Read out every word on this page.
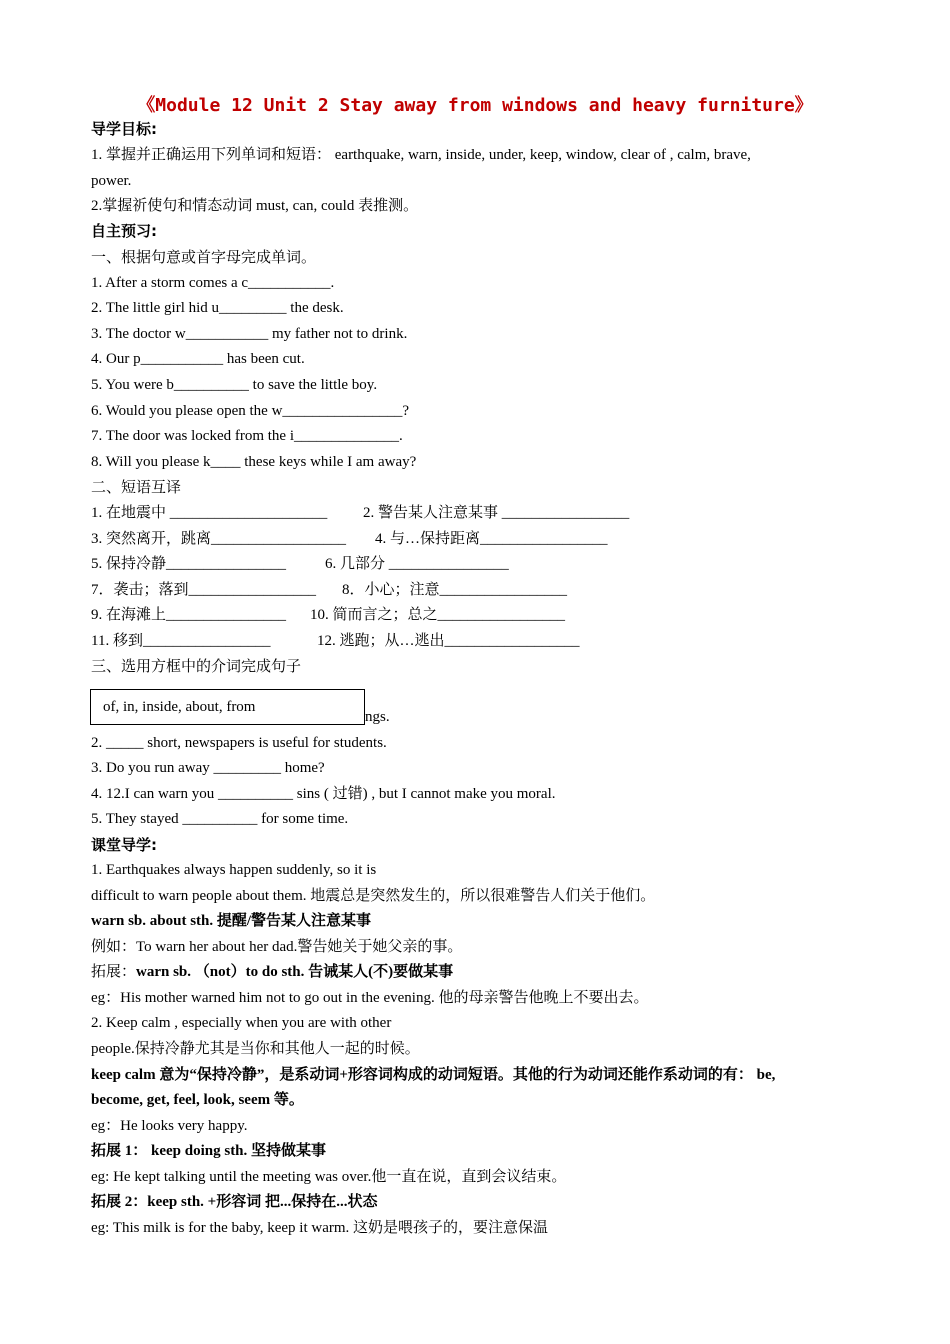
《Module 12 Unit 2 Stay away from windows and heavy furniture》
导学目标:
1. 掌握并正确运用下列单词和短语： earthquake, warn, inside, under, keep, window, clear of , calm, brave,
power.
2.掌握祈使句和情态动词 must, can, could 表推测。
自主预习:
一、根据句意或首字母完成单词。
1. After a storm comes a c___________.
2. The little girl hid u_________ the desk.
3. The doctor w___________ my father not to drink.
4. Our p___________ has been cut.
5. You were b__________ to save the little boy.
6. Would you please open the w________________?
7. The door was locked from the i______________.
8. Will you please k____ these keys while I am away?
二、短语互译
1. 在地震中 _____________________ 2. 警告某人注意某事 _________________
3. 突然离开，跳离__________________ 4. 与…保持距离_________________
5. 保持冷静________________	6. 几部分 ________________
7．袭击；落到_________________ 8．小心；注意_________________
9. 在海滩上________________ 10. 简而言之；总之_________________
11. 移到_________________	12. 逃跑；从…逃出__________________
三、选用方框中的介词完成句子
ngs.
of, in, inside, about, from
2. _____ short, newspapers is useful for students.
3. Do you run away _________ home?
4. 12.I can warn you __________ sins ( 过错) , but I cannot make you moral.
5. They stayed __________ for some time.
课堂导学:
1. Earthquakes always happen suddenly, so it is
difficult to warn people about them. 地震总是突然发生的，所以很难警告人们关于他们。
warn sb. about sth. 提醒/警告某人注意某事
例如：To warn her about her dad.警告她关于她父亲的事。
拓展：warn sb. （not）to do sth. 告诫某人(不)要做某事
eg：His mother warned him not to go out in the evening. 他的母亲警告他晚上不要出去。
2. Keep calm , especially when you are with other
people.保持冷静尤其是当你和其他人一起的时候。
keep calm 意为“保持冷静”，是系动词+形容词构成的动词短语。其他的行为动词还能作系动词的有： be,
become, get, feel, look, seem 等。
eg：He looks very happy.
拓展 1： keep doing sth. 坚持做某事
eg: He kept talking until the meeting was over.他一直在说，直到会议结束。
拓展 2：keep sth. +形容词 把...保持在...状态
eg: This milk is for the baby, keep it warm. 这奶是喂孩子的，要注意保温
